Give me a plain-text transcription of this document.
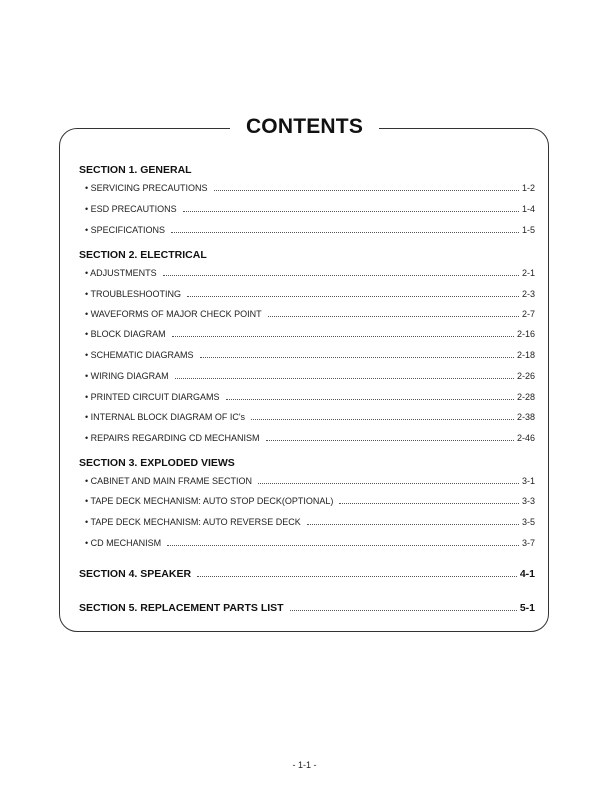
CONTENTS
SECTION 1. GENERAL
• SERVICING PRECAUTIONS	1-2
• ESD PRECAUTIONS	1-4
• SPECIFICATIONS	1-5
SECTION 2. ELECTRICAL
• ADJUSTMENTS	2-1
• TROUBLESHOOTING	2-3
• WAVEFORMS OF MAJOR CHECK POINT	2-7
• BLOCK DIAGRAM	2-16
• SCHEMATIC DIAGRAMS	2-18
• WIRING DIAGRAM	2-26
• PRINTED CIRCUIT DIARGAMS	2-28
• INTERNAL BLOCK DIAGRAM OF IC's	2-38
• REPAIRS REGARDING CD MECHANISM	2-46
SECTION 3. EXPLODED VIEWS
• CABINET AND MAIN FRAME SECTION	3-1
• TAPE DECK MECHANISM: AUTO STOP DECK(OPTIONAL)	3-3
• TAPE DECK MECHANISM: AUTO REVERSE DECK	3-5
• CD MECHANISM	3-7
SECTION 4. SPEAKER	4-1
SECTION 5. REPLACEMENT PARTS LIST	5-1
- 1-1 -
